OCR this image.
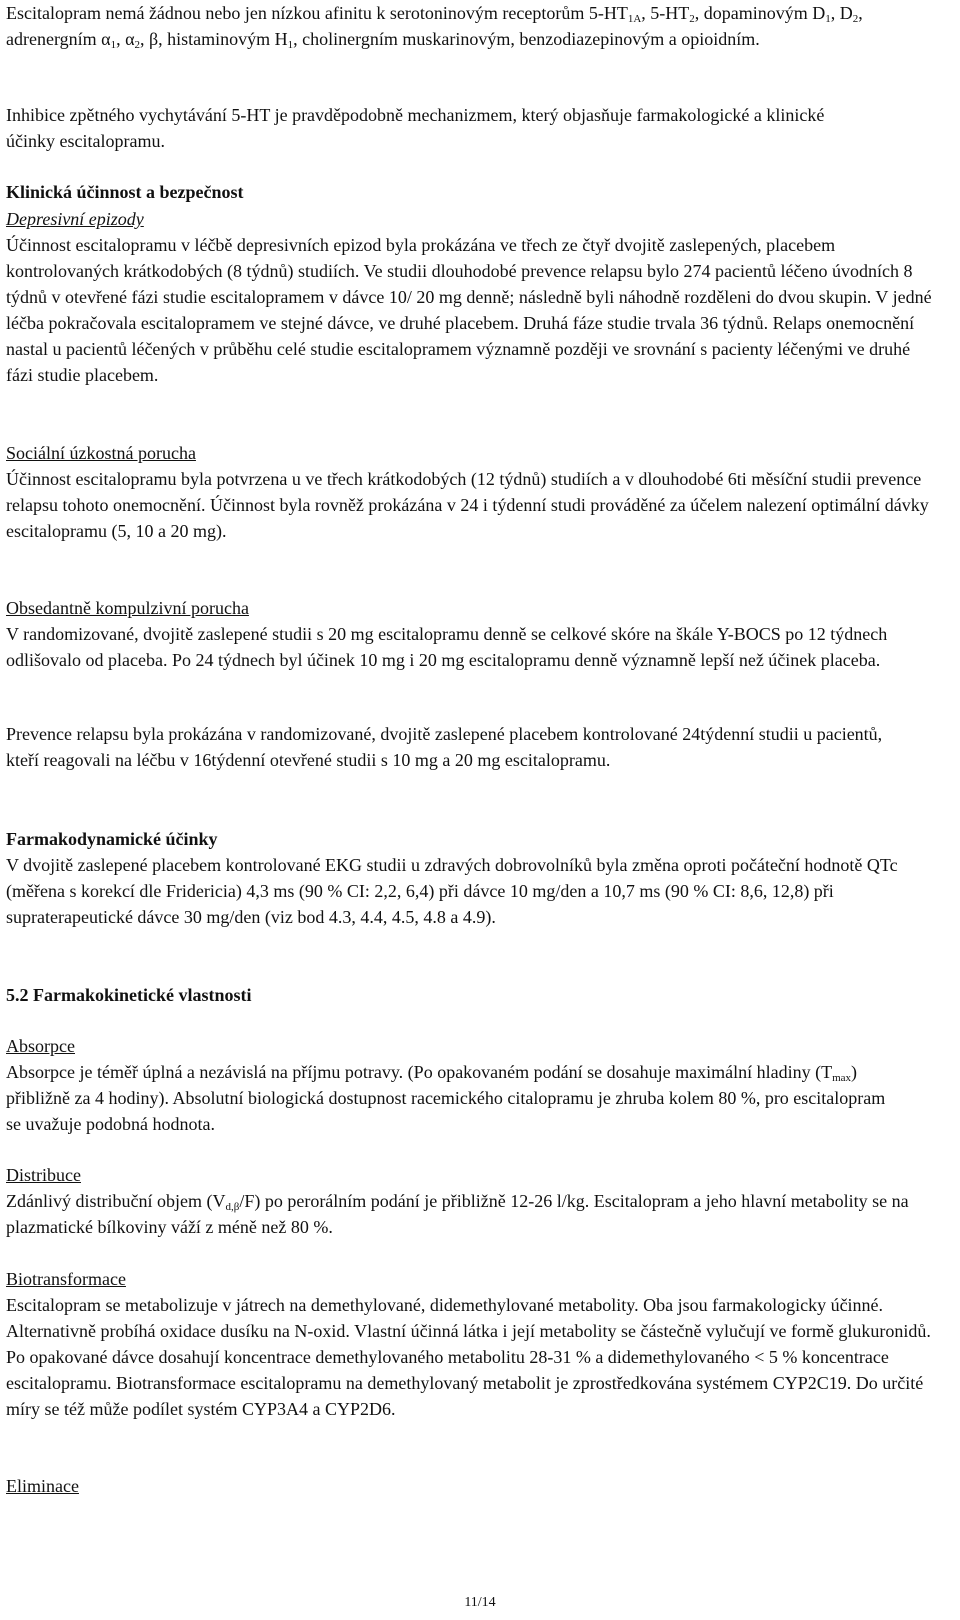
Escitalopram nemá žádnou nebo jen nízkou afinitu k serotoninovým receptorům $5-HT_{1A}$, $5-HT_2$, dopaminovým $D_1$, $D_2$, adrenergním $\alpha_1$, $\alpha_2$, β, histaminovým $H_1$, cholinergním muskarinovým, benzodiazepinovým a opioidním.

Inhibice zpětného vychytávání 5-HT je pravděpodobně mechanizmem, který objasňuje farmakologické a klinické účinky escitalopramu.

Klinická účinnost a bezpečnost

Depresivní epizody

Účinnost escitalopramu v léčbě depresivních epizod byla prokázána ve třech ze čtyř dvojitě zaslepených, placebem kontrolovaných krátkodobých (8 týdnů) studiích. Ve studii dlouhodobé prevence relapsu bylo 274 pacientů léčeno úvodních 8 týdnů v otevřené fázi studie escitalopramem v dávce 10/ 20 mg denně; následně byli náhodně rozděleni do dvou skupin. V jedné léčba pokračovala escitalopramem ve stejné dávce, ve druhé placebem. Druhá fáze studie trvala 36 týdnů. Relaps onemocnění nastal u pacientů léčených v průběhu celé studie escitalopramem významně později ve srovnání s pacienty léčenými ve druhé fázi studie placebem.

Sociální úzkostná porucha

Účinnost escitalopramu byla potvrzena u ve třech krátkodobých (12 týdnů) studiích a v dlouhodobé 6ti měsíční studii prevence relapsu tohoto onemocnění. Účinnost byla rovněž prokázána v 24 i týdenní studi prováděné za účelem nalezení optimální dávky escitalopramu (5, 10 a 20 mg).

Obsedantně kompulzivní porucha

V randomizované, dvojitě zaslepené studii s 20 mg escitalopramu denně se celkové skóre na škále Y-BOCS po 12 týdnech odlišovalo od placeba. Po 24 týdnech byl účinek 10 mg i 20 mg escitalopramu denně významně lepší než účinek placeba.

Prevence relapsu byla prokázána v randomizované, dvojitě zaslepené placebem kontrolované 24týdenní studii u pacientů, kteří reagovali na léčbu v 16týdenní otevřené studii s 10 mg a 20 mg escitalopramu.

Farmakodynamické účinky

V dvojitě zaslepené placebem kontrolované EKG studii u zdravých dobrovolníků byla změna oproti počáteční hodnotě QTc (měřena s korekcí dle Fridericia) 4,3 ms (90 % CI: 2,2, 6,4) při dávce 10 mg/den a 10,7 ms (90 % CI: 8,6, 12,8) při supraterapeutické dávce 30 mg/den (viz bod 4.3, 4.4, 4.5, 4.8 a 4.9).

5.2 Farmakokinetické vlastnosti

Absorpce

Absorpce je téměř úplná a nezávislá na příjmu potravy. (Po opakovaném podání se dosahuje maximální hladiny $(T_{max})$ přibližně za 4 hodiny). Absolutní biologická dostupnost racemického citalopramu je zhruba kolem 80 %, pro escitalopram se uvažuje podobná hodnota.

Distribuce

Zdánlivý distribuční objem $(V_{d,\beta}/F)$ po perorálním podání je přibližně 12-26 l/kg. Escitalopram a jeho hlavní metabolity se na plazmatické bílkoviny váží z méně než 80 %.

Biotransformace

Escitalopram se metabolizuje v játrech na demethylované, didemethylované metabolity. Oba jsou farmakologicky účinné. Alternativně probíhá oxidace dusíku na N-oxid. Vlastní účinná látka i její metabolity se částečně vylučují ve formě glukuronidů. Po opakované dávce dosahují koncentrace demethylovaného metabolitu 28-31 % a didemethylovaného < 5 % koncentrace escitalopramu. Biotransformace escitalopramu na demethylovaný metabolit je zprostředkována systémem CYP2C19. Do určité míry se též může podílet systém CYP3A4 a CYP2D6.

Eliminace

11/14
